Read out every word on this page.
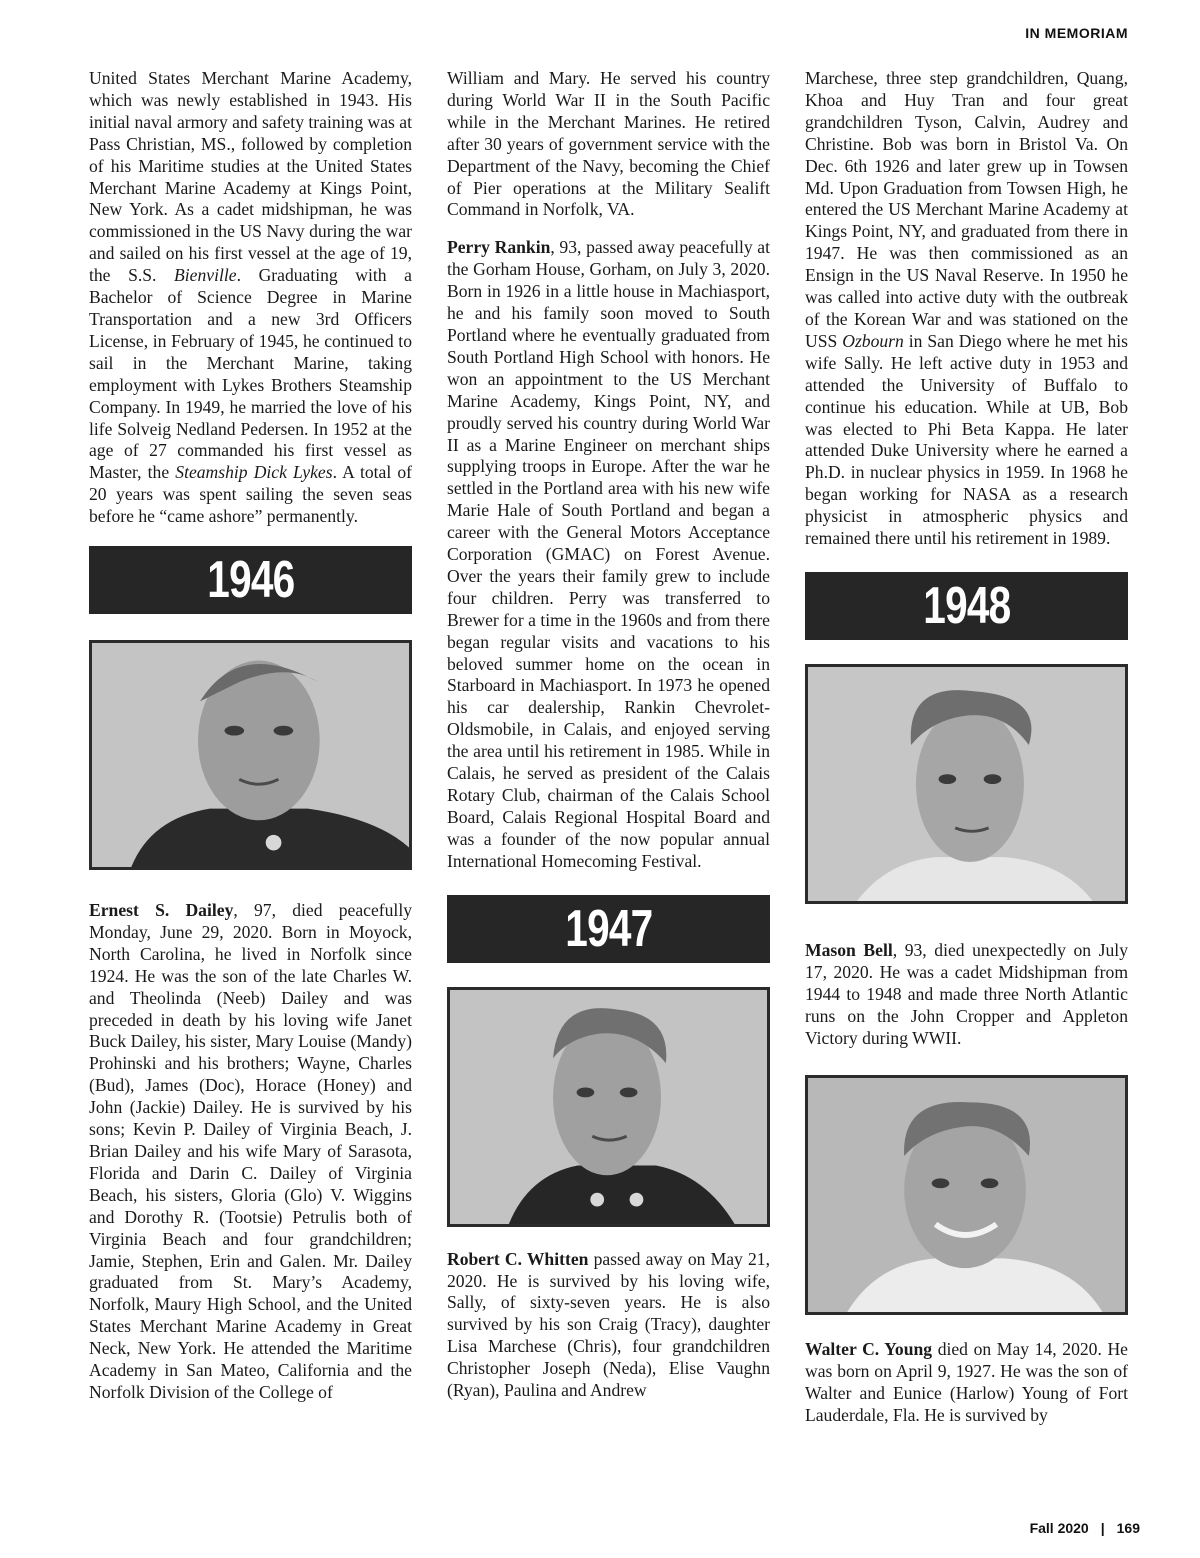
IN MEMORIAM

United States Merchant Marine Academy, which was newly established in 1943. His initial naval armory and safety training was at Pass Christian, MS., followed by completion of his Maritime studies at the United States Merchant Marine Academy at Kings Point, New York. As a cadet midshipman, he was commissioned in the US Navy during the war and sailed on his first vessel at the age of 19, the S.S. Bienville. Graduating with a Bachelor of Science Degree in Marine Transportation and a new 3rd Officers License, in February of 1945, he continued to sail in the Merchant Marine, taking employment with Lykes Brothers Steamship Company. In 1949, he married the love of his life Solveig Nedland Pedersen. In 1952 at the age of 27 commanded his first vessel as Master, the Steamship Dick Lykes. A total of 20 years was spent sailing the seven seas before he “came ashore” permanently.

1946

Ernest S. Dailey, 97, died peacefully Monday, June 29, 2020. Born in Moyock, North Carolina, he lived in Norfolk since 1924. He was the son of the late Charles W. and Theolinda (Neeb) Dailey and was preceded in death by his loving wife Janet Buck Dailey, his sister, Mary Louise (Mandy) Prohinski and his brothers; Wayne, Charles (Bud), James (Doc), Horace (Honey) and John (Jackie) Dailey. He is survived by his sons; Kevin P. Dailey of Virginia Beach, J. Brian Dailey and his wife Mary of Sarasota, Florida and Darin C. Dailey of Virginia Beach, his sisters, Gloria (Glo) V. Wiggins and Dorothy R. (Tootsie) Petrulis both of Virginia Beach and four grandchildren; Jamie, Stephen, Erin and Galen. Mr. Dailey graduated from St. Mary’s Academy, Norfolk, Maury High School, and the United States Merchant Marine Academy in Great Neck, New York. He attended the Maritime Academy in San Mateo, California and the Norfolk Division of the College of

William and Mary. He served his country during World War II in the South Pacific while in the Merchant Marines. He retired after 30 years of government service with the Department of the Navy, becoming the Chief of Pier operations at the Military Sealift Command in Norfolk, VA.

Perry Rankin, 93, passed away peacefully at the Gorham House, Gorham, on July 3, 2020. Born in 1926 in a little house in Machiasport, he and his family soon moved to South Portland where he eventually graduated from South Portland High School with honors. He won an appointment to the US Merchant Marine Academy, Kings Point, NY, and proudly served his country during World War II as a Marine Engineer on merchant ships supplying troops in Europe. After the war he settled in the Portland area with his new wife Marie Hale of South Portland and began a career with the General Motors Acceptance Corporation (GMAC) on Forest Avenue. Over the years their family grew to include four children. Perry was transferred to Brewer for a time in the 1960s and from there began regular visits and vacations to his beloved summer home on the ocean in Starboard in Machiasport. In 1973 he opened his car dealership, Rankin Chevrolet-Oldsmobile, in Calais, and enjoyed serving the area until his retirement in 1985. While in Calais, he served as president of the Calais Rotary Club, chairman of the Calais School Board, Calais Regional Hospital Board and was a founder of the now popular annual International Homecoming Festival.

1947

Robert C. Whitten passed away on May 21, 2020. He is survived by his loving wife, Sally, of sixty-seven years. He is also survived by his son Craig (Tracy), daughter Lisa Marchese (Chris), four grandchildren Christopher Joseph (Neda), Elise Vaughn (Ryan), Paulina and Andrew

Marchese, three step grandchildren, Quang, Khoa and Huy Tran and four great grandchildren Tyson, Calvin, Audrey and Christine. Bob was born in Bristol Va. On Dec. 6th 1926 and later grew up in Towsen Md. Upon Graduation from Towsen High, he entered the US Merchant Marine Academy at Kings Point, NY, and graduated from there in 1947. He was then commissioned as an Ensign in the US Naval Reserve. In 1950 he was called into active duty with the outbreak of the Korean War and was stationed on the USS Ozbourn in San Diego where he met his wife Sally. He left active duty in 1953 and attended the University of Buffalo to continue his education. While at UB, Bob was elected to Phi Beta Kappa. He later attended Duke University where he earned a Ph.D. in nuclear physics in 1959. In 1968 he began working for NASA as a research physicist in atmospheric physics and remained there until his retirement in 1989.

1948

Mason Bell, 93, died unexpectedly on July 17, 2020. He was a cadet Midshipman from 1944 to 1948 and made three North Atlantic runs on the John Cropper and Appleton Victory during WWII.

Walter C. Young died on May 14, 2020. He was born on April 9, 1927. He was the son of Walter and Eunice (Harlow) Young of Fort Lauderdale, Fla. He is survived by

Fall 2020 | 169
